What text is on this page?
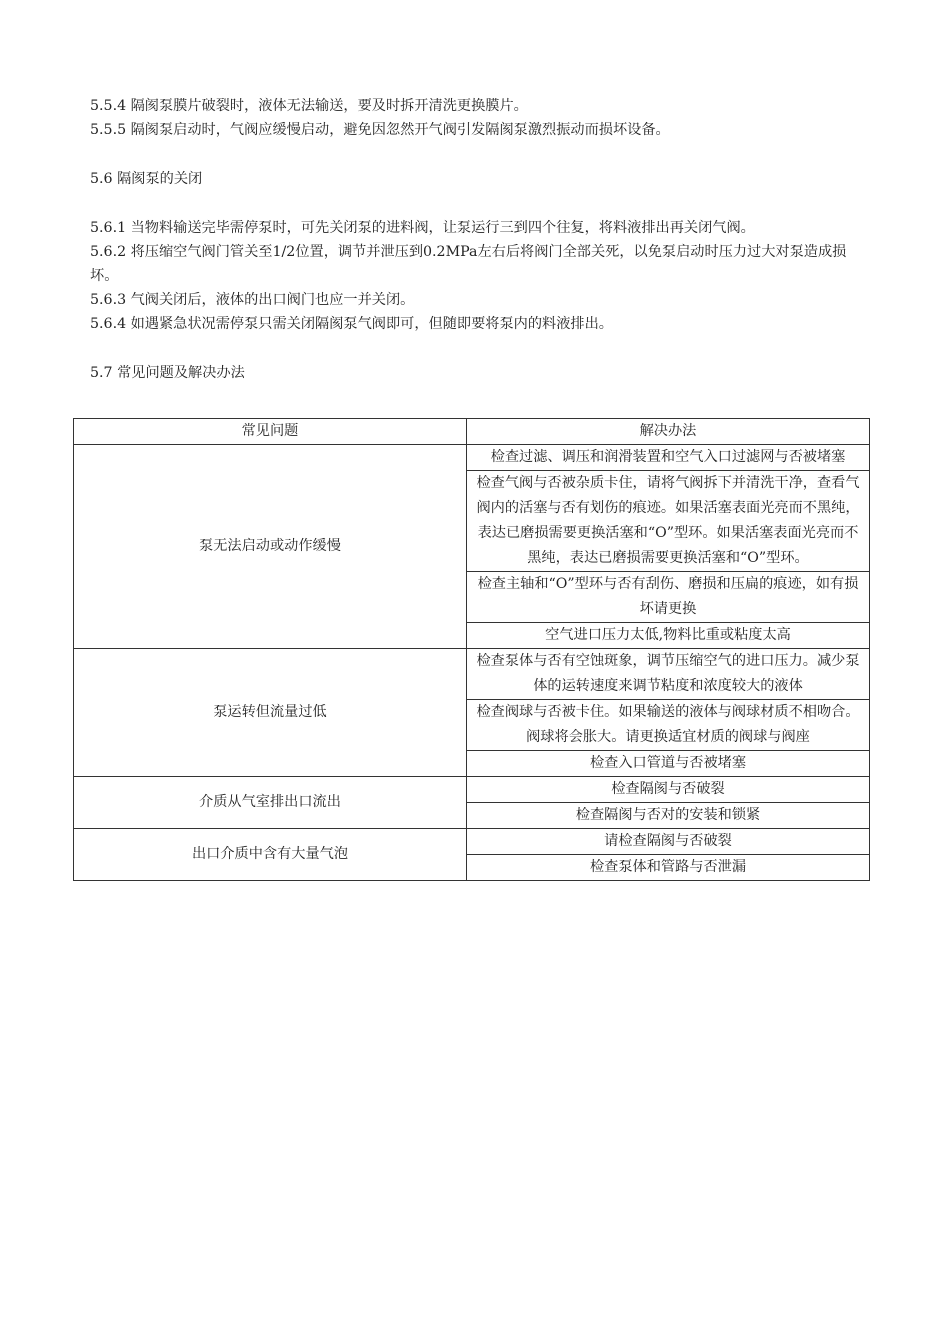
5.5.4 隔阂泵膜片破裂时，液体无法输送，要及时拆开清洗更换膜片。

5.5.5 隔阂泵启动时，气阀应缓慢启动，避免因忽然开气阀引发隔阂泵激烈振动而损坏设备。

5.6 隔阂泵的关闭

5.6.1 当物料输送完毕需停泵时，可先关闭泵的进料阀，让泵运行三到四个往复，将料液排出再关闭气阀。

5.6.2 将压缩空气阀门管关至1/2位置，调节并泄压到0.2MPa左右后将阀门全部关死，以免泵启动时压力过大对泵造成损坏。

5.6.3 气阀关闭后，液体的出口阀门也应一并关闭。

5.6.4 如遇紧急状况需停泵只需关闭隔阂泵气阀即可，但随即要将泵内的料液排出。

5.7 常见问题及解决办法

常见问题	解决办法
泵无法启动或动作缓慢	检查过滤、调压和润滑装置和空气入口过滤网与否被堵塞
	检查气阀与否被杂质卡住，请将气阀拆下并清洗干净，查看气阀内的活塞与否有划伤的痕迹。如果活塞表面光亮而不黑纯，表达已磨损需要更换活塞和“O”型环。如果活塞表面光亮而不黑纯，表达已磨损需要更换活塞和“O”型环。
	检查主轴和“O”型环与否有刮伤、磨损和压扁的痕迹，如有损坏请更换
	空气进口压力太低,物料比重或粘度太高
泵运转但流量过低	检查泵体与否有空蚀斑象，调节压缩空气的进口压力。减少泵体的运转速度来调节粘度和浓度较大的液体
	检查阀球与否被卡住。如果输送的液体与阀球材质不相吻合。阀球将会胀大。请更换适宜材质的阀球与阀座
	检查入口管道与否被堵塞
介质从气室排出口流出	检查隔阂与否破裂
	检查隔阂与否对的安装和锁紧
出口介质中含有大量气泡	请检查隔阂与否破裂
	检查泵体和管路与否泄漏
